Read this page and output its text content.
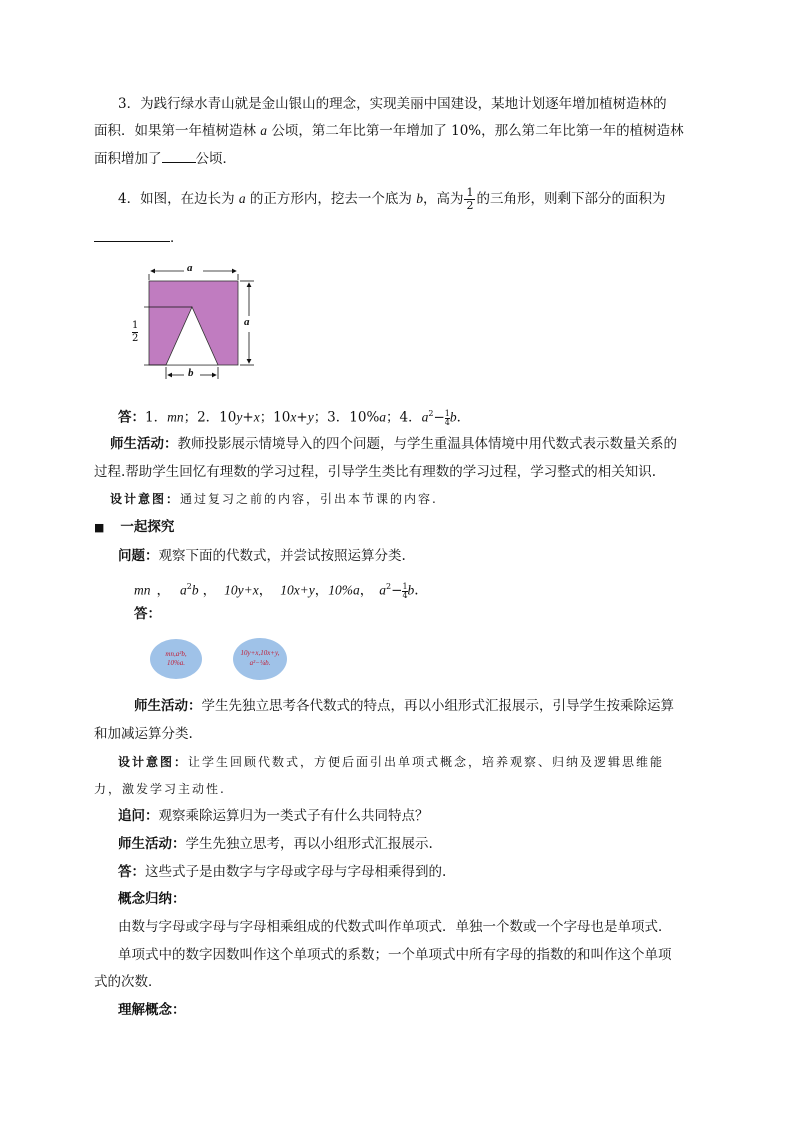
3．为践行绿水青山就是金山银山的理念，实现美丽中国建设，某地计划逐年增加植树造林的
面积．如果第一年植树造林 a 公顷，第二年比第一年增加了 10%，那么第二年比第一年的植树造林
面积增加了	公顷．
4．如图，在边长为 a 的正方形内，挖去一个底为 b，高为 $\frac{1}{2}$ 的三角形，则剩下部分的面积为
．
a
a
b
1
2
答：1．mn；2．10y+x；10x+y；3．10%a；4．$a^2- \frac{1}{4}$ b．
师生活动：教师投影展示情境导入的四个问题，与学生重温具体情境中用代数式表示数量关系的
过程.帮助学生回忆有理数的学习过程，引导学生类比有理数的学习过程，学习整式的相关知识.
设计意图：通过复习之前的内容，引出本节课的内容.
■ 一起探究
问题：观察下面的代数式，并尝试按照运算分类.
mn ， $a^2b$ ， 10y+x， 10x+y，10%a， $a^2- \frac{1}{4} b$.
答：
mn,a²b,
10%a.
10y+x,10x+y,
a²−¼b.
师生活动：学生先独立思考各代数式的特点，再以小组形式汇报展示，引导学生按乘除运算
和加减运算分类.
设计意图：让学生回顾代数式，方便后面引出单项式概念，培养观察、归纳及逻辑思维能
力，激发学习主动性.
追问：观察乘除运算归为一类式子有什么共同特点？
师生活动：学生先独立思考，再以小组形式汇报展示.
答：这些式子是由数字与字母或字母与字母相乘得到的.
概念归纳：
由数与字母或字母与字母相乘组成的代数式叫作单项式．单独一个数或一个字母也是单项式．
单项式中的数字因数叫作这个单项式的系数；一个单项式中所有字母的指数的和叫作这个单项
式的次数．
理解概念：
